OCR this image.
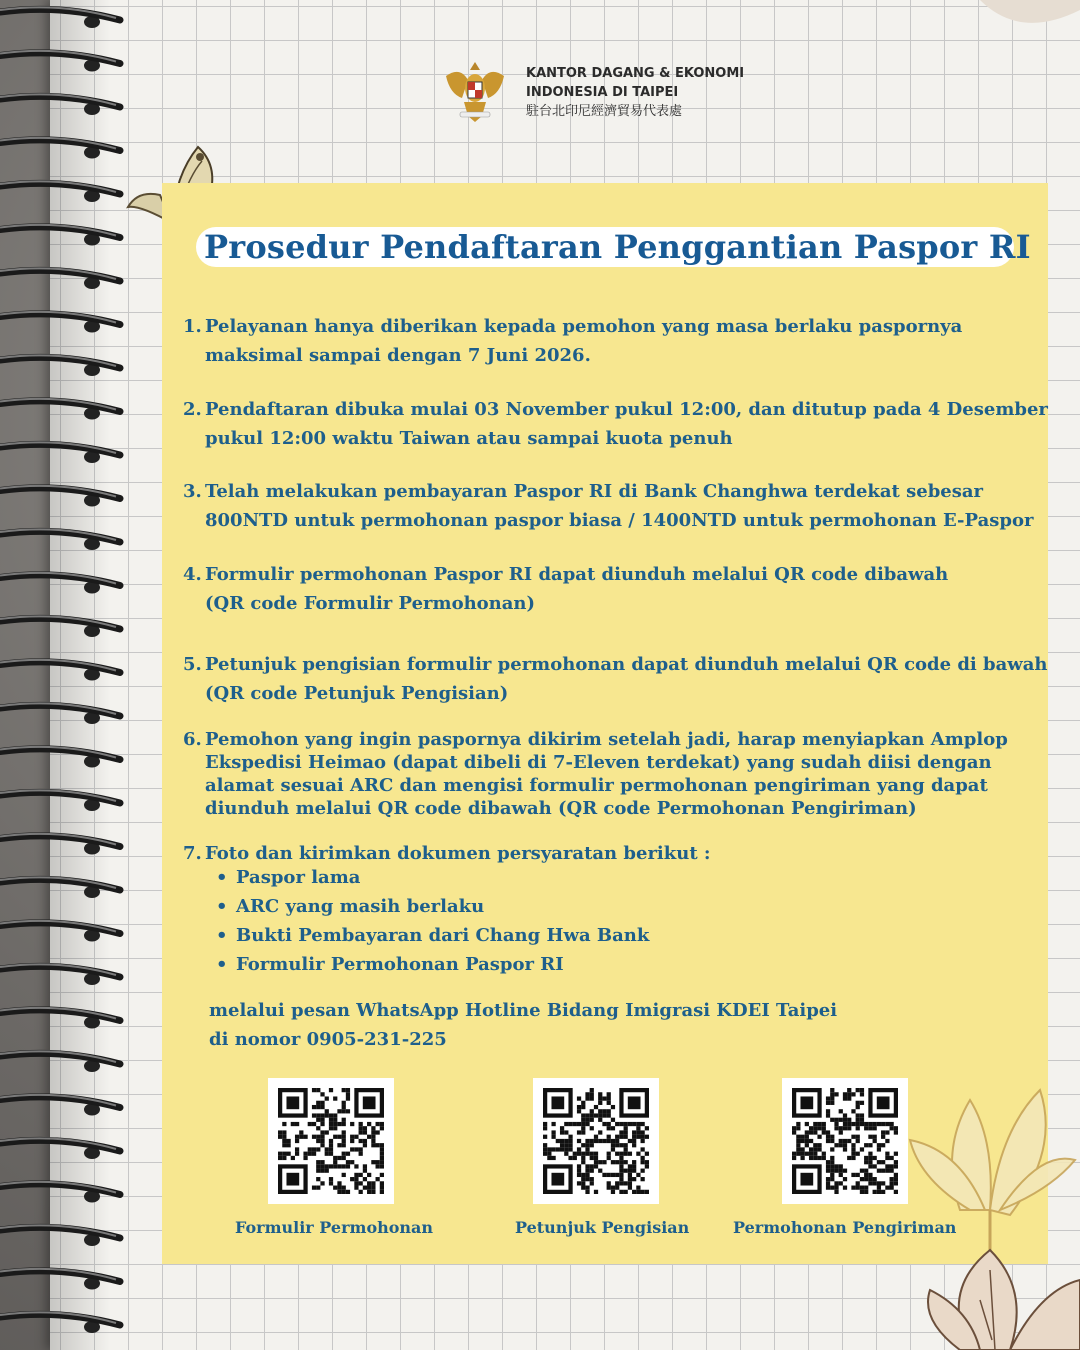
KANTOR DAGANG & EKONOMI
INDONESIA DI TAIPEI
駐台北印尼經濟貿易代表處
Prosedur Pendaftaran Penggantian Paspor RI
1. Pelayanan hanya diberikan kepada pemohon yang masa berlaku paspornya
maksimal sampai dengan 7 Juni 2026.
2. Pendaftaran dibuka mulai 03 November pukul 12:00, dan ditutup pada 4 Desember
pukul 12:00 waktu Taiwan atau sampai kuota penuh
3. Telah melakukan pembayaran Paspor RI di Bank Changhwa terdekat sebesar
800NTD untuk permohonan paspor biasa / 1400NTD untuk permohonan E-Paspor
4. Formulir permohonan Paspor RI dapat diunduh melalui QR code dibawah
(QR code Formulir Permohonan)
5. Petunjuk pengisian formulir permohonan dapat diunduh melalui QR code di bawah
(QR code Petunjuk Pengisian)
6. Pemohon yang ingin paspornya dikirim setelah jadi, harap menyiapkan Amplop
Ekspedisi Heimao (dapat dibeli di 7-Eleven terdekat) yang sudah diisi dengan
alamat sesuai ARC dan mengisi formulir permohonan pengiriman yang dapat
diunduh melalui QR code dibawah (QR code Permohonan Pengiriman)
7. Foto dan kirimkan dokumen persyaratan berikut :
• Paspor lama
• ARC yang masih berlaku
• Bukti Pembayaran dari Chang Hwa Bank
• Formulir Permohonan Paspor RI
melalui pesan WhatsApp Hotline Bidang Imigrasi KDEI Taipei
di nomor 0905-231-225
Formulir Permohonan	Petunjuk Pengisian	Permohonan Pengiriman
